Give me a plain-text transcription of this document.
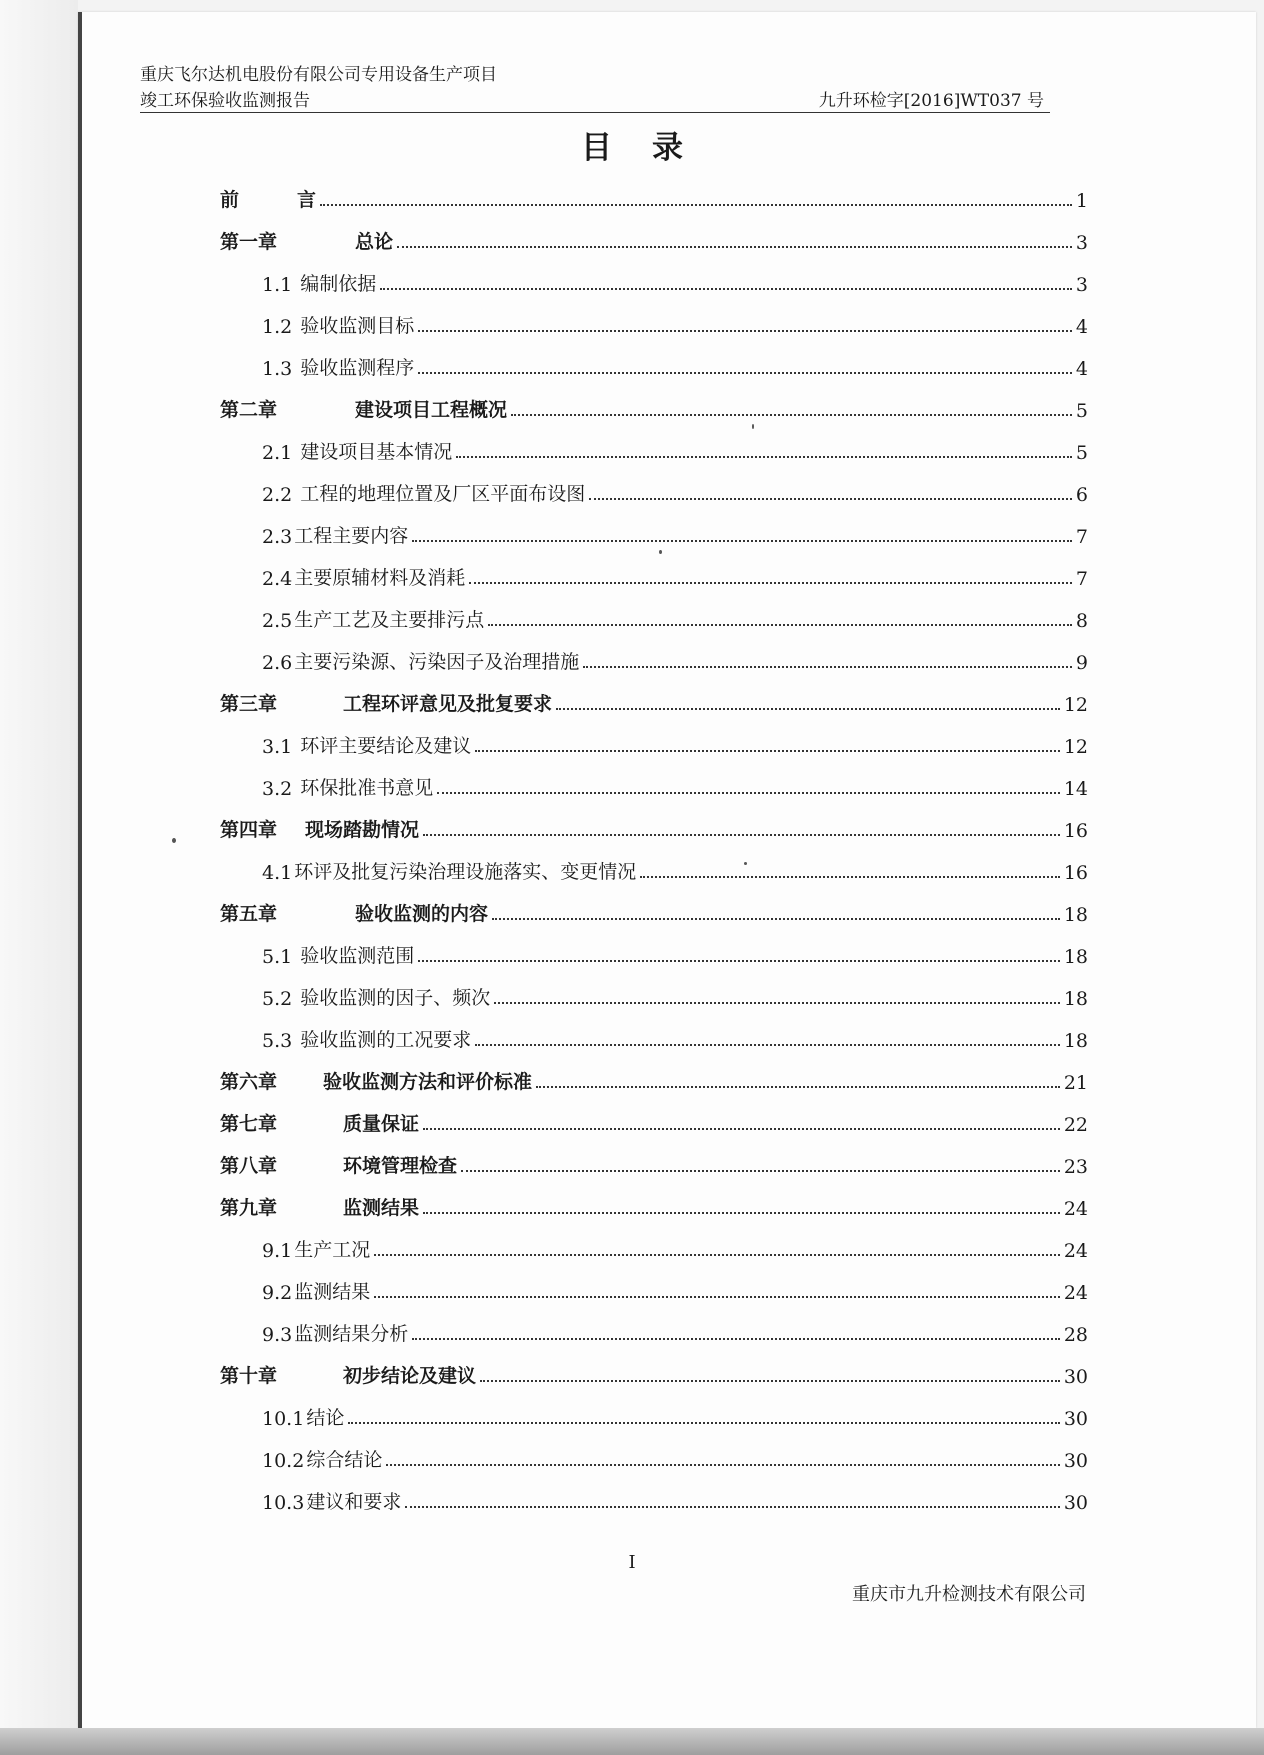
重庆飞尔达机电股份有限公司专用设备生产项目
竣工环保验收监测报告	九升环检字[2016]WT037 号
目录
前	言	1
第一章	总论	3
1.1 编制依据	3
1.2 验收监测目标	4
1.3 验收监测程序	4
第二章	建设项目工程概况	5
2.1 建设项目基本情况	5
2.2 工程的地理位置及厂区平面布设图	6
2.3 工程主要内容	7
2.4 主要原辅材料及消耗	7
2.5 生产工艺及主要排污点	8
2.6 主要污染源、污染因子及治理措施	9
第三章	工程环评意见及批复要求	12
3.1 环评主要结论及建议	12
3.2 环保批准书意见	14
第四章 现场踏勘情况	16
4.1 环评及批复污染治理设施落实、变更情况	16
第五章	验收监测的内容	18
5.1 验收监测范围	18
5.2 验收监测的因子、频次	18
5.3 验收监测的工况要求	18
第六章 验收监测方法和评价标准	21
第七章	质量保证	22
第八章	环境管理检查	23
第九章	监测结果	24
9.1 生产工况	24
9.2 监测结果	24
9.3 监测结果分析	28
第十章	初步结论及建议	30
10.1 结论	30
10.2 综合结论	30
10.3 建议和要求	30
I
重庆市九升检测技术有限公司
